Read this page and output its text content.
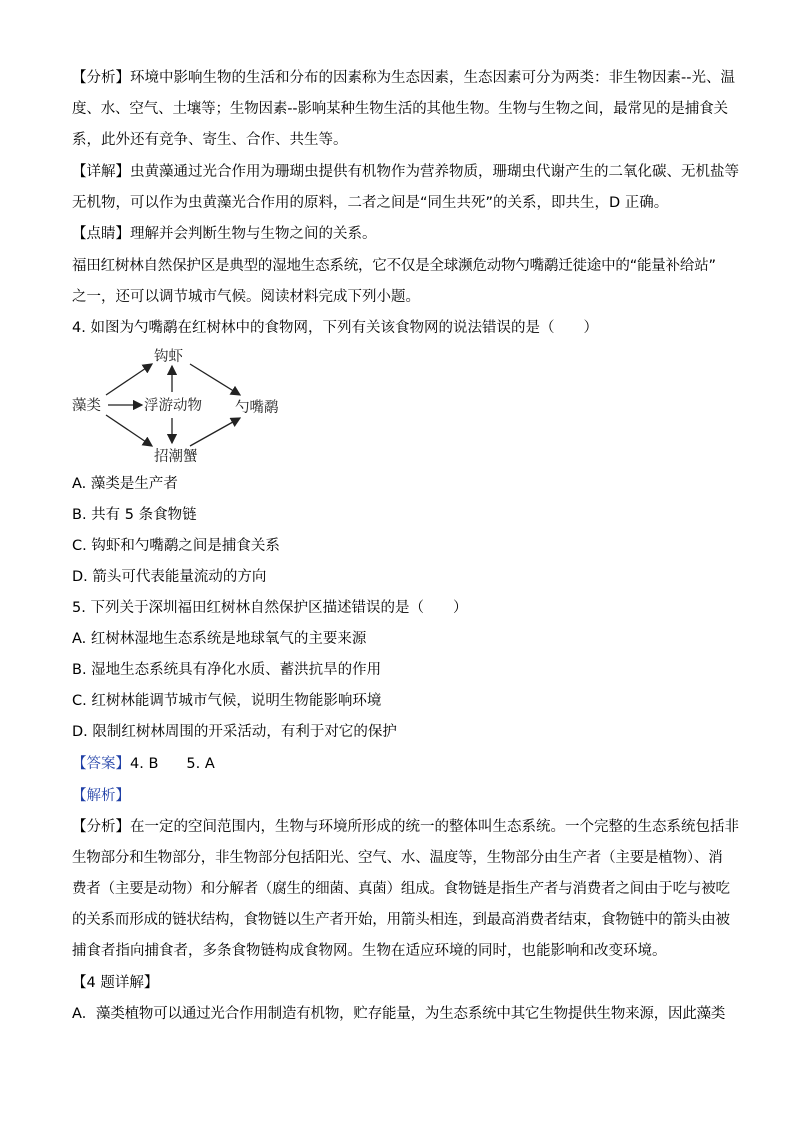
【分析】环境中影响生物的生活和分布的因素称为生态因素，生态因素可分为两类：非生物因素--光、温
度、水、空气、土壤等；生物因素--影响某种生物生活的其他生物。生物与生物之间，最常见的是捕食关
系，此外还有竞争、寄生、合作、共生等。
【详解】虫黄藻通过光合作用为珊瑚虫提供有机物作为营养物质，珊瑚虫代谢产生的二氧化碳、无机盐等
无机物，可以作为虫黄藻光合作用的原料，二者之间是“同生共死”的关系，即共生，D 正确。
【点睛】理解并会判断生物与生物之间的关系。
福田红树林自然保护区是典型的湿地生态系统，它不仅是全球濒危动物勺嘴鹬迁徙途中的“能量补给站”
之一，还可以调节城市气候。阅读材料完成下列小题。
4. 如图为勺嘴鹬在红树林中的食物网，下列有关该食物网的说法错误的是（　　）
钩虾
藻类	浮游动物 勺嘴鹬
招潮蟹
A. 藻类是生产者
B. 共有 5 条食物链
C. 钩虾和勺嘴鹬之间是捕食关系
D. 箭头可代表能量流动的方向
5. 下列关于深圳福田红树林自然保护区描述错误的是（　　）
A. 红树林湿地生态系统是地球氧气的主要来源
B. 湿地生态系统具有净化水质、蓄洪抗旱的作用
C. 红树林能调节城市气候，说明生物能影响环境
D. 限制红树林周围的开采活动，有利于对它的保护
【答案】4. B 5. A
【解析】
【分析】在一定的空间范围内，生物与环境所形成的统一的整体叫生态系统。一个完整的生态系统包括非
生物部分和生物部分，非生物部分包括阳光、空气、水、温度等，生物部分由生产者（主要是植物）、消
费者（主要是动物）和分解者（腐生的细菌、真菌）组成。食物链是指生产者与消费者之间由于吃与被吃
的关系而形成的链状结构，食物链以生产者开始，用箭头相连，到最高消费者结束，食物链中的箭头由被
捕食者指向捕食者，多条食物链构成食物网。生物在适应环境的同时，也能影响和改变环境。
【4 题详解】
A．藻类植物可以通过光合作用制造有机物，贮存能量，为生态系统中其它生物提供生物来源，因此藻类
